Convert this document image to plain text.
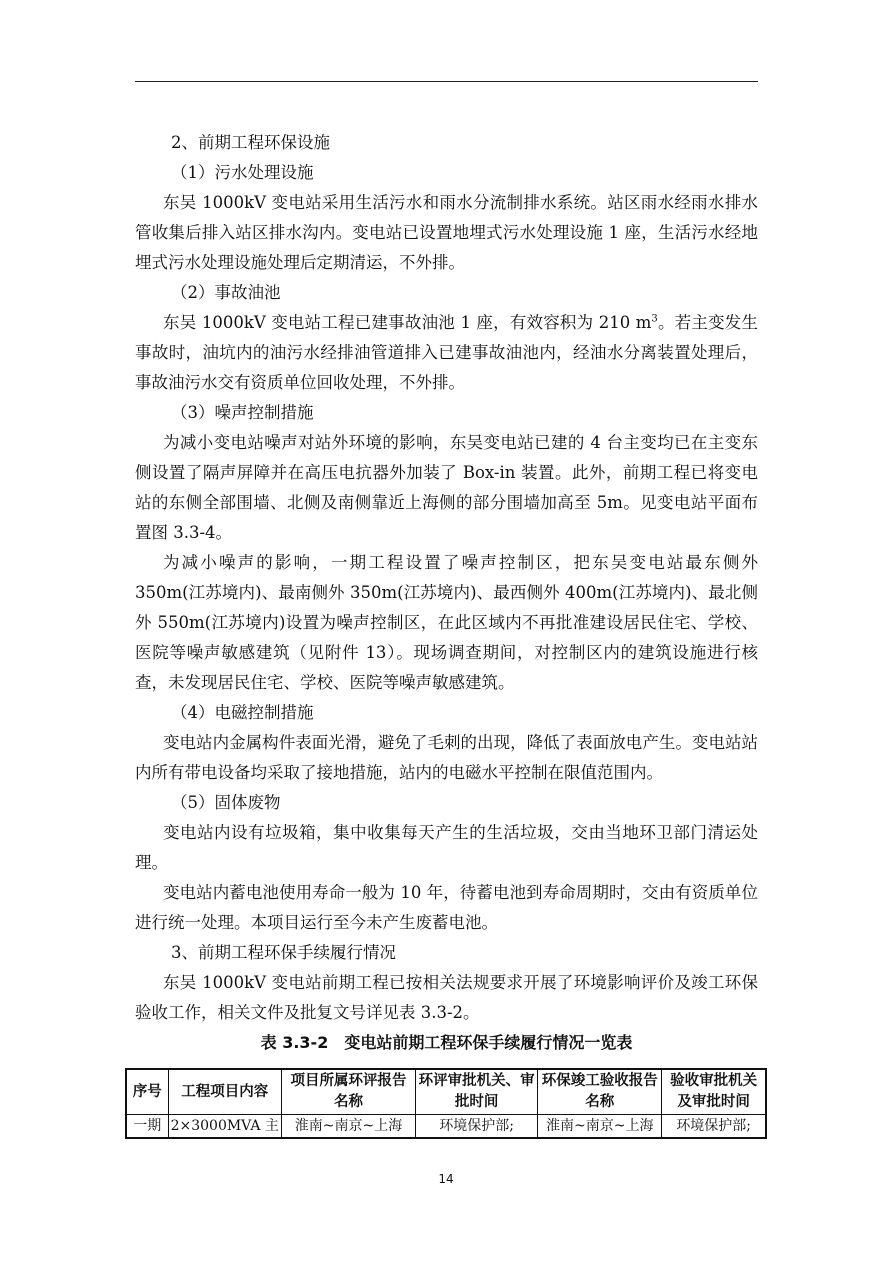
2、前期工程环保设施

（1）污水处理设施

东吴 1000kV 变电站采用生活污水和雨水分流制排水系统。站区雨水经雨水排水管收集后排入站区排水沟内。变电站已设置地埋式污水处理设施 1 座，生活污水经地埋式污水处理设施处理后定期清运，不外排。

（2）事故油池

东吴 1000kV 变电站工程已建事故油池 1 座，有效容积为 210 $m^3$。若主变发生事故时，油坑内的油污水经排油管道排入已建事故油池内，经油水分离装置处理后，事故油污水交有资质单位回收处理，不外排。

（3）噪声控制措施

为减小变电站噪声对站外环境的影响，东吴变电站已建的 4 台主变均已在主变东侧设置了隔声屏障并在高压电抗器外加装了 Box-in 装置。此外，前期工程已将变电站的东侧全部围墙、北侧及南侧靠近上海侧的部分围墙加高至 5m。见变电站平面布置图 3.3-4。

为减小噪声的影响，一期工程设置了噪声控制区，把东吴变电站最东侧外 350m(江苏境内)、最南侧外 350m(江苏境内)、最西侧外 400m(江苏境内)、最北侧外 550m(江苏境内)设置为噪声控制区，在此区域内不再批准建设居民住宅、学校、医院等噪声敏感建筑（见附件 13）。现场调查期间，对控制区内的建筑设施进行核查，未发现居民住宅、学校、医院等噪声敏感建筑。

（4）电磁控制措施

变电站内金属构件表面光滑，避免了毛刺的出现，降低了表面放电产生。变电站站内所有带电设备均采取了接地措施，站内的电磁水平控制在限值范围内。

（5）固体废物

变电站内设有垃圾箱，集中收集每天产生的生活垃圾，交由当地环卫部门清运处理。

变电站内蓄电池使用寿命一般为 10 年，待蓄电池到寿命周期时，交由有资质单位进行统一处理。本项目运行至今未产生废蓄电池。

3、前期工程环保手续履行情况

东吴 1000kV 变电站前期工程已按相关法规要求开展了环境影响评价及竣工环保验收工作，相关文件及批复文号详见表 3.3-2。

表 3.3-2　变电站前期工程环保手续履行情况一览表
序号	工程项目内容	项目所属环评报告名称	环评审批机关、审批时间	环保竣工验收报告名称	验收审批机关及审批时间
一期	2×3000MVA 主	淮南~南京~上海	环境保护部;	淮南~南京~上海	环境保护部;
14
